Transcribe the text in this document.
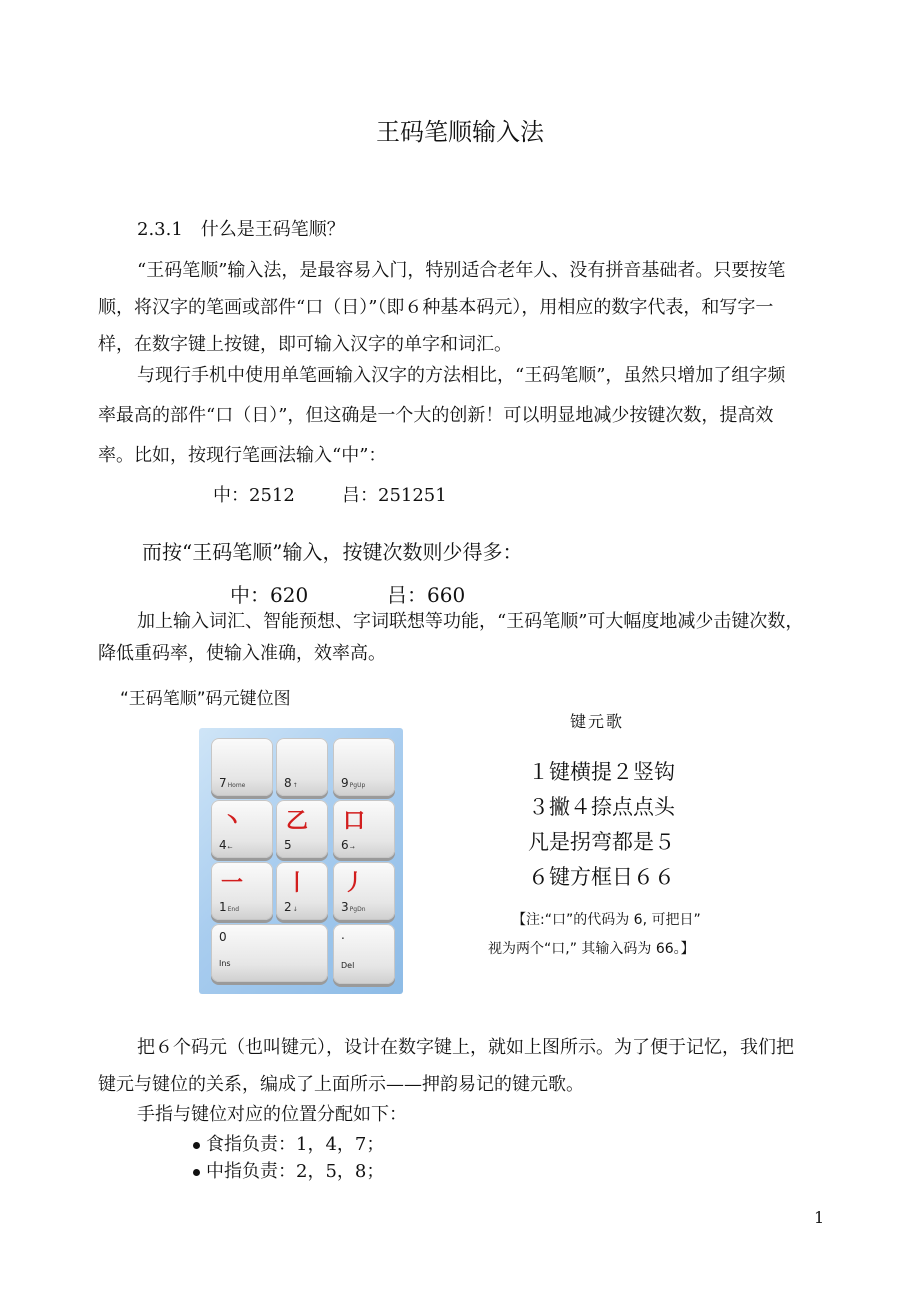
王码笔顺输入法
2.3.1　什么是王码笔顺？
“王码笔顺”输入法，是最容易入门，特别适合老年人、没有拼音基础者。只要按笔
顺，将汉字的笔画或部件“口（日）”（即６种基本码元），用相应的数字代表，和写字一
样，在数字键上按键，即可输入汉字的单字和词汇。
与现行手机中使用单笔画输入汉字的方法相比，“王码笔顺”，虽然只增加了组字频
率最高的部件“口（日）”，但这确是一个大的创新！可以明显地减少按键次数，提高效
率。比如，按现行笔画法输入“中”：
中：2512	吕：251251
而按“王码笔顺”输入，按键次数则少得多：
中：620	吕：660
加上输入词汇、智能预想、字词联想等功能，“王码笔顺”可大幅度地减少击键次数，
降低重码率，使输入准确，效率高。
“王码笔顺”码元键位图
7Home	8↑	9PgUp
丶
4←
乙
5
口
6→
一
1End
丨
2↓
丿
3PgDn
0
Ins
.
Del
键元歌
１键横提２竖钩
３撇４捺点点头
凡是拐弯都是５
６键方框日６６
【注:“口”的代码为 6, 可把日”
视为两个“口,” 其输入码为 66。】
把６个码元（也叫键元），设计在数字键上，就如上图所示。为了便于记忆，我们把
键元与键位的关系，编成了上面所示——押韵易记的键元歌。
手指与键位对应的位置分配如下：
食指负责：1，4，7；
中指负责：2，5，8；
1
